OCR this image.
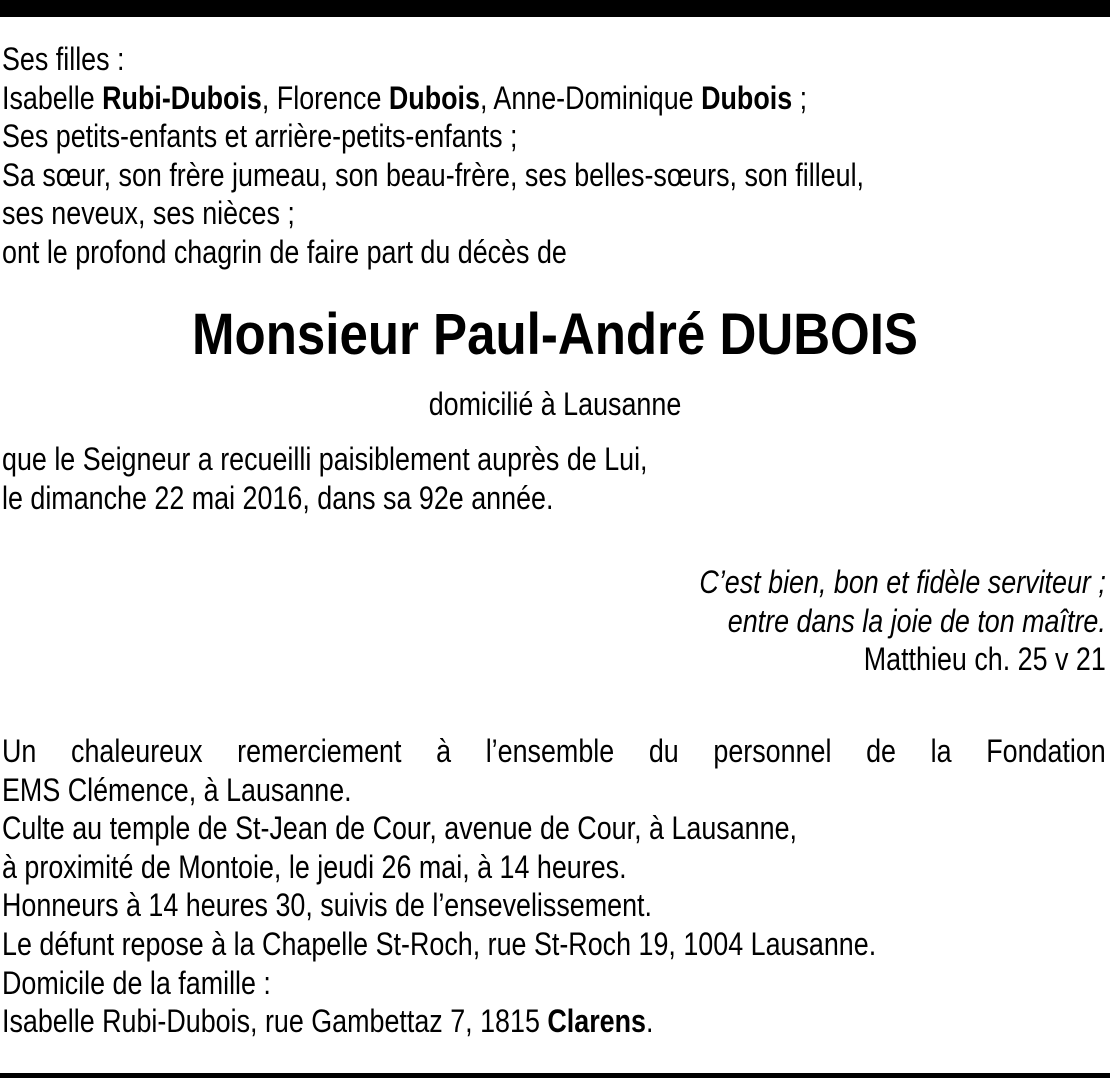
Ses filles :
Isabelle Rubi-Dubois, Florence Dubois, Anne-Dominique Dubois ;
Ses petits-enfants et arrière-petits-enfants ;
Sa sœur, son frère jumeau, son beau-frère, ses belles-sœurs, son filleul,
ses neveux, ses nièces ;
ont le profond chagrin de faire part du décès de
Monsieur Paul-André DUBOIS
domicilié à Lausanne
que le Seigneur a recueilli paisiblement auprès de Lui,
le dimanche 22 mai 2016, dans sa 92e année.
C’est bien, bon et fidèle serviteur ;
entre dans la joie de ton maître.
Matthieu ch. 25 v 21
Un chaleureux remerciement à l’ensemble du personnel de la Fondation
EMS Clémence, à Lausanne.
Culte au temple de St-Jean de Cour, avenue de Cour, à Lausanne,
à proximité de Montoie, le jeudi 26 mai, à 14 heures.
Honneurs à 14 heures 30, suivis de l’ensevelissement.
Le défunt repose à la Chapelle St-Roch, rue St-Roch 19, 1004 Lausanne.
Domicile de la famille :
Isabelle Rubi-Dubois, rue Gambettaz 7, 1815 Clarens.
